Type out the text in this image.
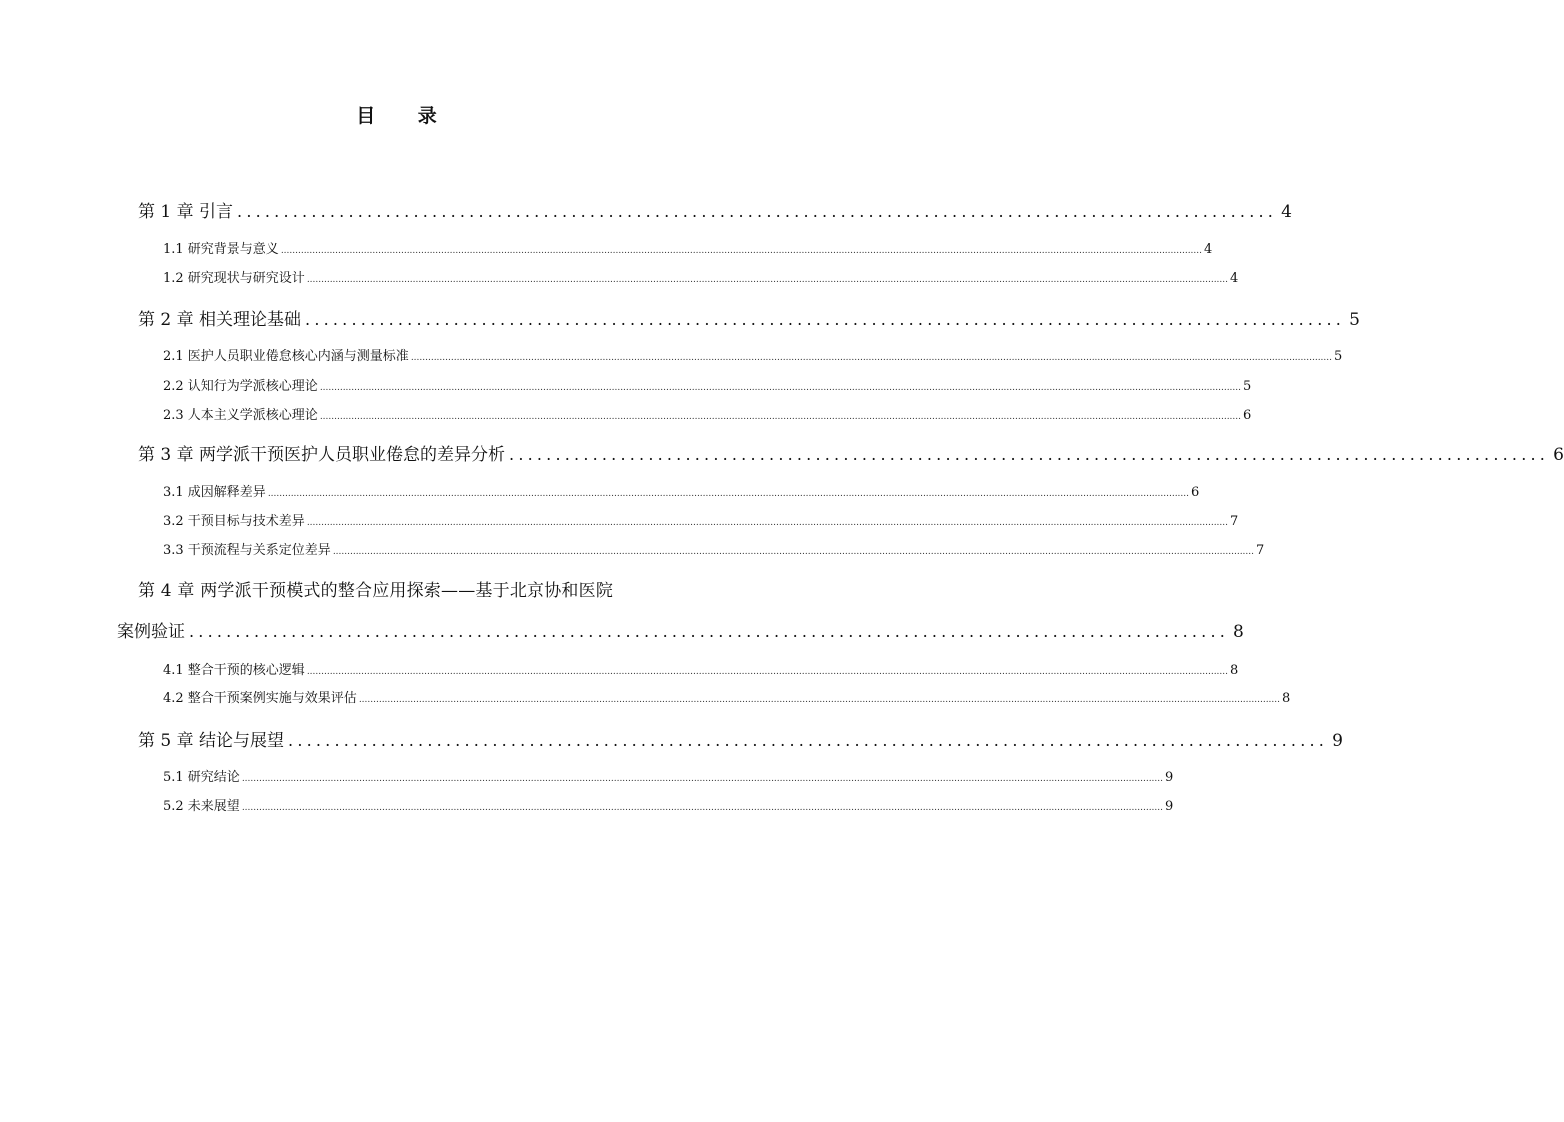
目 录
第 1 章 引言 ................................................................................................................ 4
1.1 研究背景与意义 .................................................................................................................................................................................................................................................................................................................................. 4
1.2 研究现状与研究设计 .................................................................................................................................................................................................................................................................................................................................. 4
第 2 章 相关理论基础 ................................................................................................................ 5
2.1 医护人员职业倦怠核心内涵与测量标准 .................................................................................................................................................................................................................................................................................................................................. 5
2.2 认知行为学派核心理论 .................................................................................................................................................................................................................................................................................................................................. 5
2.3 人本主义学派核心理论 .................................................................................................................................................................................................................................................................................................................................. 6
第 3 章 两学派干预医护人员职业倦怠的差异分析 ................................................................................................................ 6
3.1 成因解释差异 .................................................................................................................................................................................................................................................................................................................................. 6
3.2 干预目标与技术差异 .................................................................................................................................................................................................................................................................................................................................. 7
3.3 干预流程与关系定位差异 .................................................................................................................................................................................................................................................................................................................................. 7
第 4 章 两学派干预模式的整合应用探索——基于北京协和医院
案例验证 ................................................................................................................ 8
4.1 整合干预的核心逻辑 .................................................................................................................................................................................................................................................................................................................................. 8
4.2 整合干预案例实施与效果评估 .................................................................................................................................................................................................................................................................................................................................. 8
第 5 章 结论与展望 ................................................................................................................ 9
5.1 研究结论 .................................................................................................................................................................................................................................................................................................................................. 9
5.2 未来展望 .................................................................................................................................................................................................................................................................................................................................. 9
